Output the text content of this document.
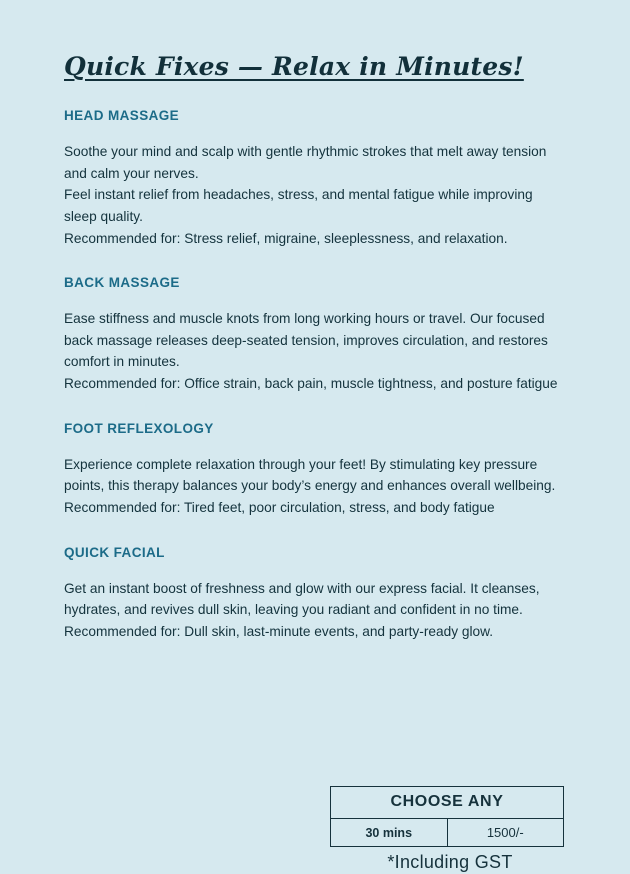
Quick Fixes — Relax in Minutes!
HEAD MASSAGE

Soothe your mind and scalp with gentle rhythmic strokes that melt away tension and calm your nerves.

Feel instant relief from headaches, stress, and mental fatigue while improving sleep quality.

Recommended for: Stress relief, migraine, sleeplessness, and relaxation.

BACK MASSAGE

Ease stiffness and muscle knots from long working hours or travel. Our focused back massage releases deep-seated tension, improves circulation, and restores comfort in minutes.

Recommended for: Office strain, back pain, muscle tightness, and posture fatigue

FOOT REFLEXOLOGY

Experience complete relaxation through your feet! By stimulating key pressure points, this therapy balances your body’s energy and enhances overall wellbeing.

Recommended for: Tired feet, poor circulation, stress, and body fatigue

QUICK FACIAL

Get an instant boost of freshness and glow with our express facial. It cleanses, hydrates, and revives dull skin, leaving you radiant and confident in no time.

Recommended for: Dull skin, last-minute events, and party-ready glow.

CHOOSE ANY
30 mins	1500/-
*Including GST
